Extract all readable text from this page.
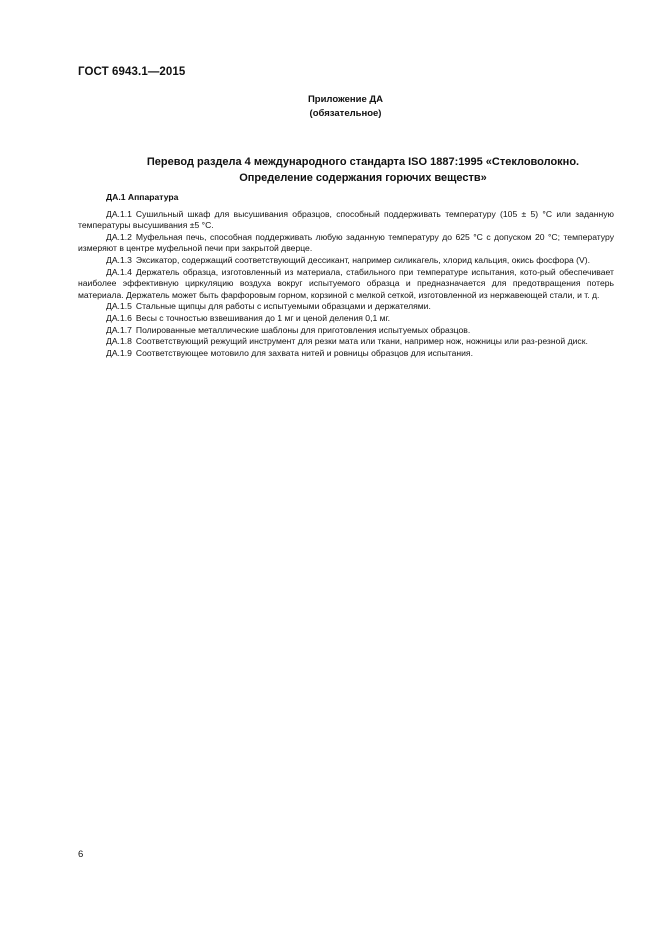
ГОСТ 6943.1—2015
Приложение ДА
(обязательное)
Перевод раздела 4 международного стандарта ISO 1887:1995 «Стекловолокно.
Определение содержания горючих веществ»
ДА.1 Аппаратура

ДА.1.1 Сушильный шкаф для высушивания образцов, способный поддерживать температуру (105 ± 5) °С или заданную температуры высушивания ±5 °С.

ДА.1.2 Муфельная печь, способная поддерживать любую заданную температуру до 625 °С с допуском 20 °С; температуру измеряют в центре муфельной печи при закрытой дверце.

ДА.1.3 Эксикатор, содержащий соответствующий дессикант, например силикагель, хлорид кальция, окись фосфора (V).

ДА.1.4 Держатель образца, изготовленный из материала, стабильного при температуре испытания, кото-рый обеспечивает наиболее эффективную циркуляцию воздуха вокруг испытуемого образца и предназначается для предотвращения потерь материала. Держатель может быть фарфоровым горном, корзиной с мелкой сеткой, изготовленной из нержавеющей стали, и т. д.

ДА.1.5 Стальные щипцы для работы с испытуемыми образцами и держателями.

ДА.1.6 Весы с точностью взвешивания до 1 мг и ценой деления 0,1 мг.

ДА.1.7 Полированные металлические шаблоны для приготовления испытуемых образцов.

ДА.1.8 Соответствующий режущий инструмент для резки мата или ткани, например нож, ножницы или раз-резной диск.

ДА.1.9 Соответствующее мотовило для захвата нитей и ровницы образцов для испытания.

6
